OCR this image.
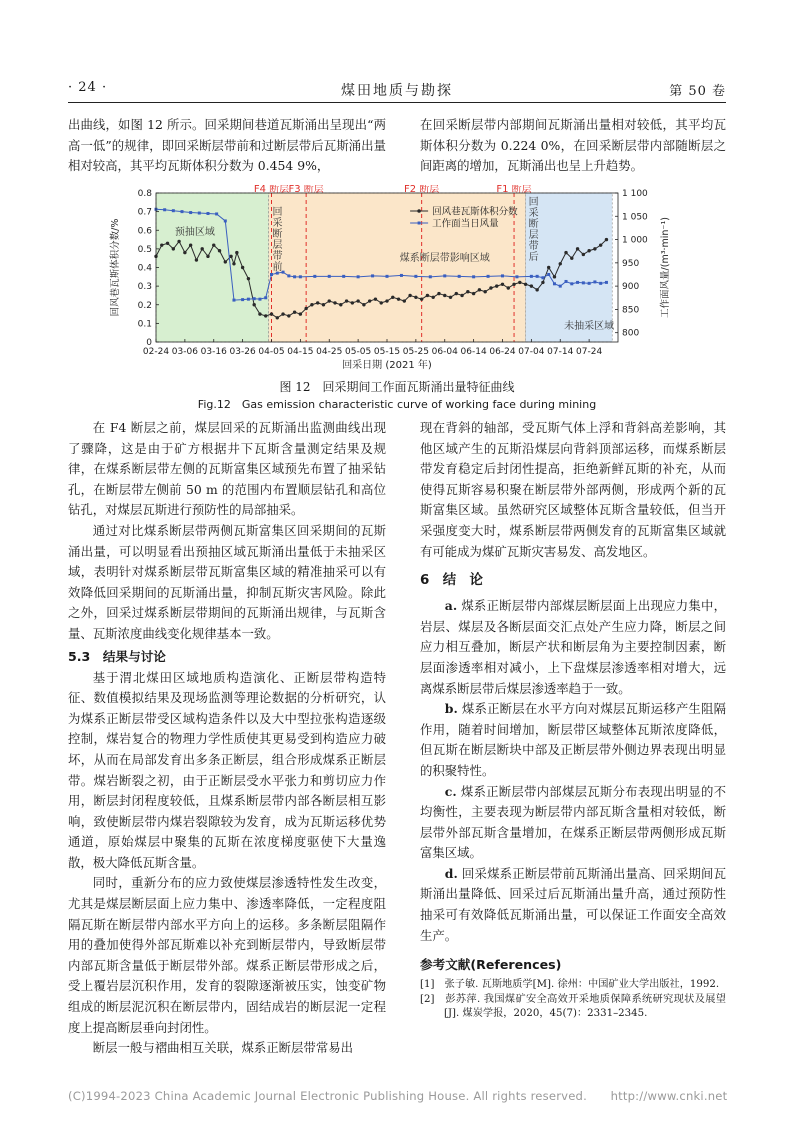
· 24 ·	煤田地质与勘探	第 50 卷

出曲线，如图 12 所示。回采期间巷道瓦斯涌出呈现出“两高一低”的规律，即回采断层带前和过断层带后瓦斯涌出量相对较高，其平均瓦斯体积分数为 0.454 9%，

在回采断层带内部期间瓦斯涌出量相对较低，其平均瓦斯体积分数为 0.224 0%，在回采断层带内部随断层之间距离的增加，瓦斯涌出也呈上升趋势。

F4 断层 F3 断层	F2 断层	F1 断层
0
0.1
0.2
0.3
0.4
0.5
0.6
0.7
0.8
800
850
900
950
1 000
1 050
1 100
02-24 03-06 03-16 03-26 04-05 04-15 04-25 05-05 05-15 05-25 06-04 06-14 06-24 07-04 07-14 07-24
回采日期 (2021 年)
回风巷瓦斯体积分数/%	工作面风量/(m³·min⁻¹)
预抽区域
煤系断层带影响区域
未抽采区域
回
采
断
层
带
前
回
采
断
层
带
后
回风巷瓦斯体积分数
工作面当日风量
图 12　回采期间工作面瓦斯涌出量特征曲线
Fig.12　Gas emission characteristic curve of working face during mining

在 F4 断层之前，煤层回采的瓦斯涌出监测曲线出现了骤降，这是由于矿方根据井下瓦斯含量测定结果及规律，在煤系断层带左侧的瓦斯富集区域预先布置了抽采钻孔，在断层带左侧前 50 m 的范围内布置顺层钻孔和高位钻孔，对煤层瓦斯进行预防性的局部抽采。

通过对比煤系断层带两侧瓦斯富集区回采期间的瓦斯涌出量，可以明显看出预抽区域瓦斯涌出量低于未抽采区域，表明针对煤系断层带瓦斯富集区域的精准抽采可以有效降低回采期间的瓦斯涌出量，抑制瓦斯灾害风险。除此之外，回采过煤系断层带期间的瓦斯涌出规律，与瓦斯含量、瓦斯浓度曲线变化规律基本一致。

5.3　结果与讨论

基于渭北煤田区域地质构造演化、正断层带构造特征、数值模拟结果及现场监测等理论数据的分析研究，认为煤系正断层带受区域构造条件以及大中型拉张构造逐级控制，煤岩复合的物理力学性质使其更易受到构造应力破坏，从而在局部发育出多条正断层，组合形成煤系正断层带。煤岩断裂之初，由于正断层受水平张力和剪切应力作用，断层封闭程度较低，且煤系断层带内部各断层相互影响，致使断层带内煤岩裂隙较为发育，成为瓦斯运移优势通道，原始煤层中聚集的瓦斯在浓度梯度驱使下大量逸散，极大降低瓦斯含量。

同时，重新分布的应力致使煤层渗透特性发生改变，尤其是煤层断层面上应力集中、渗透率降低，一定程度阻隔瓦斯在断层带内部水平方向上的运移。多条断层阻隔作用的叠加使得外部瓦斯难以补充到断层带内，导致断层带内部瓦斯含量低于断层带外部。煤系正断层带形成之后，受上覆岩层沉积作用，发育的裂隙逐渐被压实，蚀变矿物组成的断层泥沉积在断层带内，固结成岩的断层泥一定程度上提高断层垂向封闭性。

断层一般与褶曲相互关联，煤系正断层带常易出

现在背斜的轴部，受瓦斯气体上浮和背斜高差影响，其他区域产生的瓦斯沿煤层向背斜顶部运移，而煤系断层带发育稳定后封闭性提高，拒绝新鲜瓦斯的补充，从而使得瓦斯容易积聚在断层带外部两侧，形成两个新的瓦斯富集区域。虽然研究区域整体瓦斯含量较低，但当开采强度变大时，煤系断层带两侧发育的瓦斯富集区域就有可能成为煤矿瓦斯灾害易发、高发地区。

6　结　论

a. 煤系正断层带内部煤层断层面上出现应力集中，岩层、煤层及各断层面交汇点处产生应力降，断层之间应力相互叠加，断层产状和断层角为主要控制因素，断层面渗透率相对减小，上下盘煤层渗透率相对增大，远离煤系断层带后煤层渗透率趋于一致。

b. 煤系正断层在水平方向对煤层瓦斯运移产生阻隔作用，随着时间增加，断层带区域整体瓦斯浓度降低，但瓦斯在断层断块中部及正断层带外侧边界表现出明显的积聚特性。

c. 煤系正断层带内部煤层瓦斯分布表现出明显的不均衡性，主要表现为断层带内部瓦斯含量相对较低，断层带外部瓦斯含量增加，在煤系正断层带两侧形成瓦斯富集区域。

d. 回采煤系正断层带前瓦斯涌出量高、回采期间瓦斯涌出量降低、回采过后瓦斯涌出量升高，通过预防性抽采可有效降低瓦斯涌出量，可以保证工作面安全高效生产。

参考文献(References)
[1]　张子敏. 瓦斯地质学[M]. 徐州：中国矿业大学出版社，1992.
[2]　彭苏萍. 我国煤矿安全高效开采地质保障系统研究现状及展望[J]. 煤炭学报，2020，45(7)：2331–2345.
(C)1994-2023 China Academic Journal Electronic Publishing House. All rights reserved.　　http://www.cnki.net
